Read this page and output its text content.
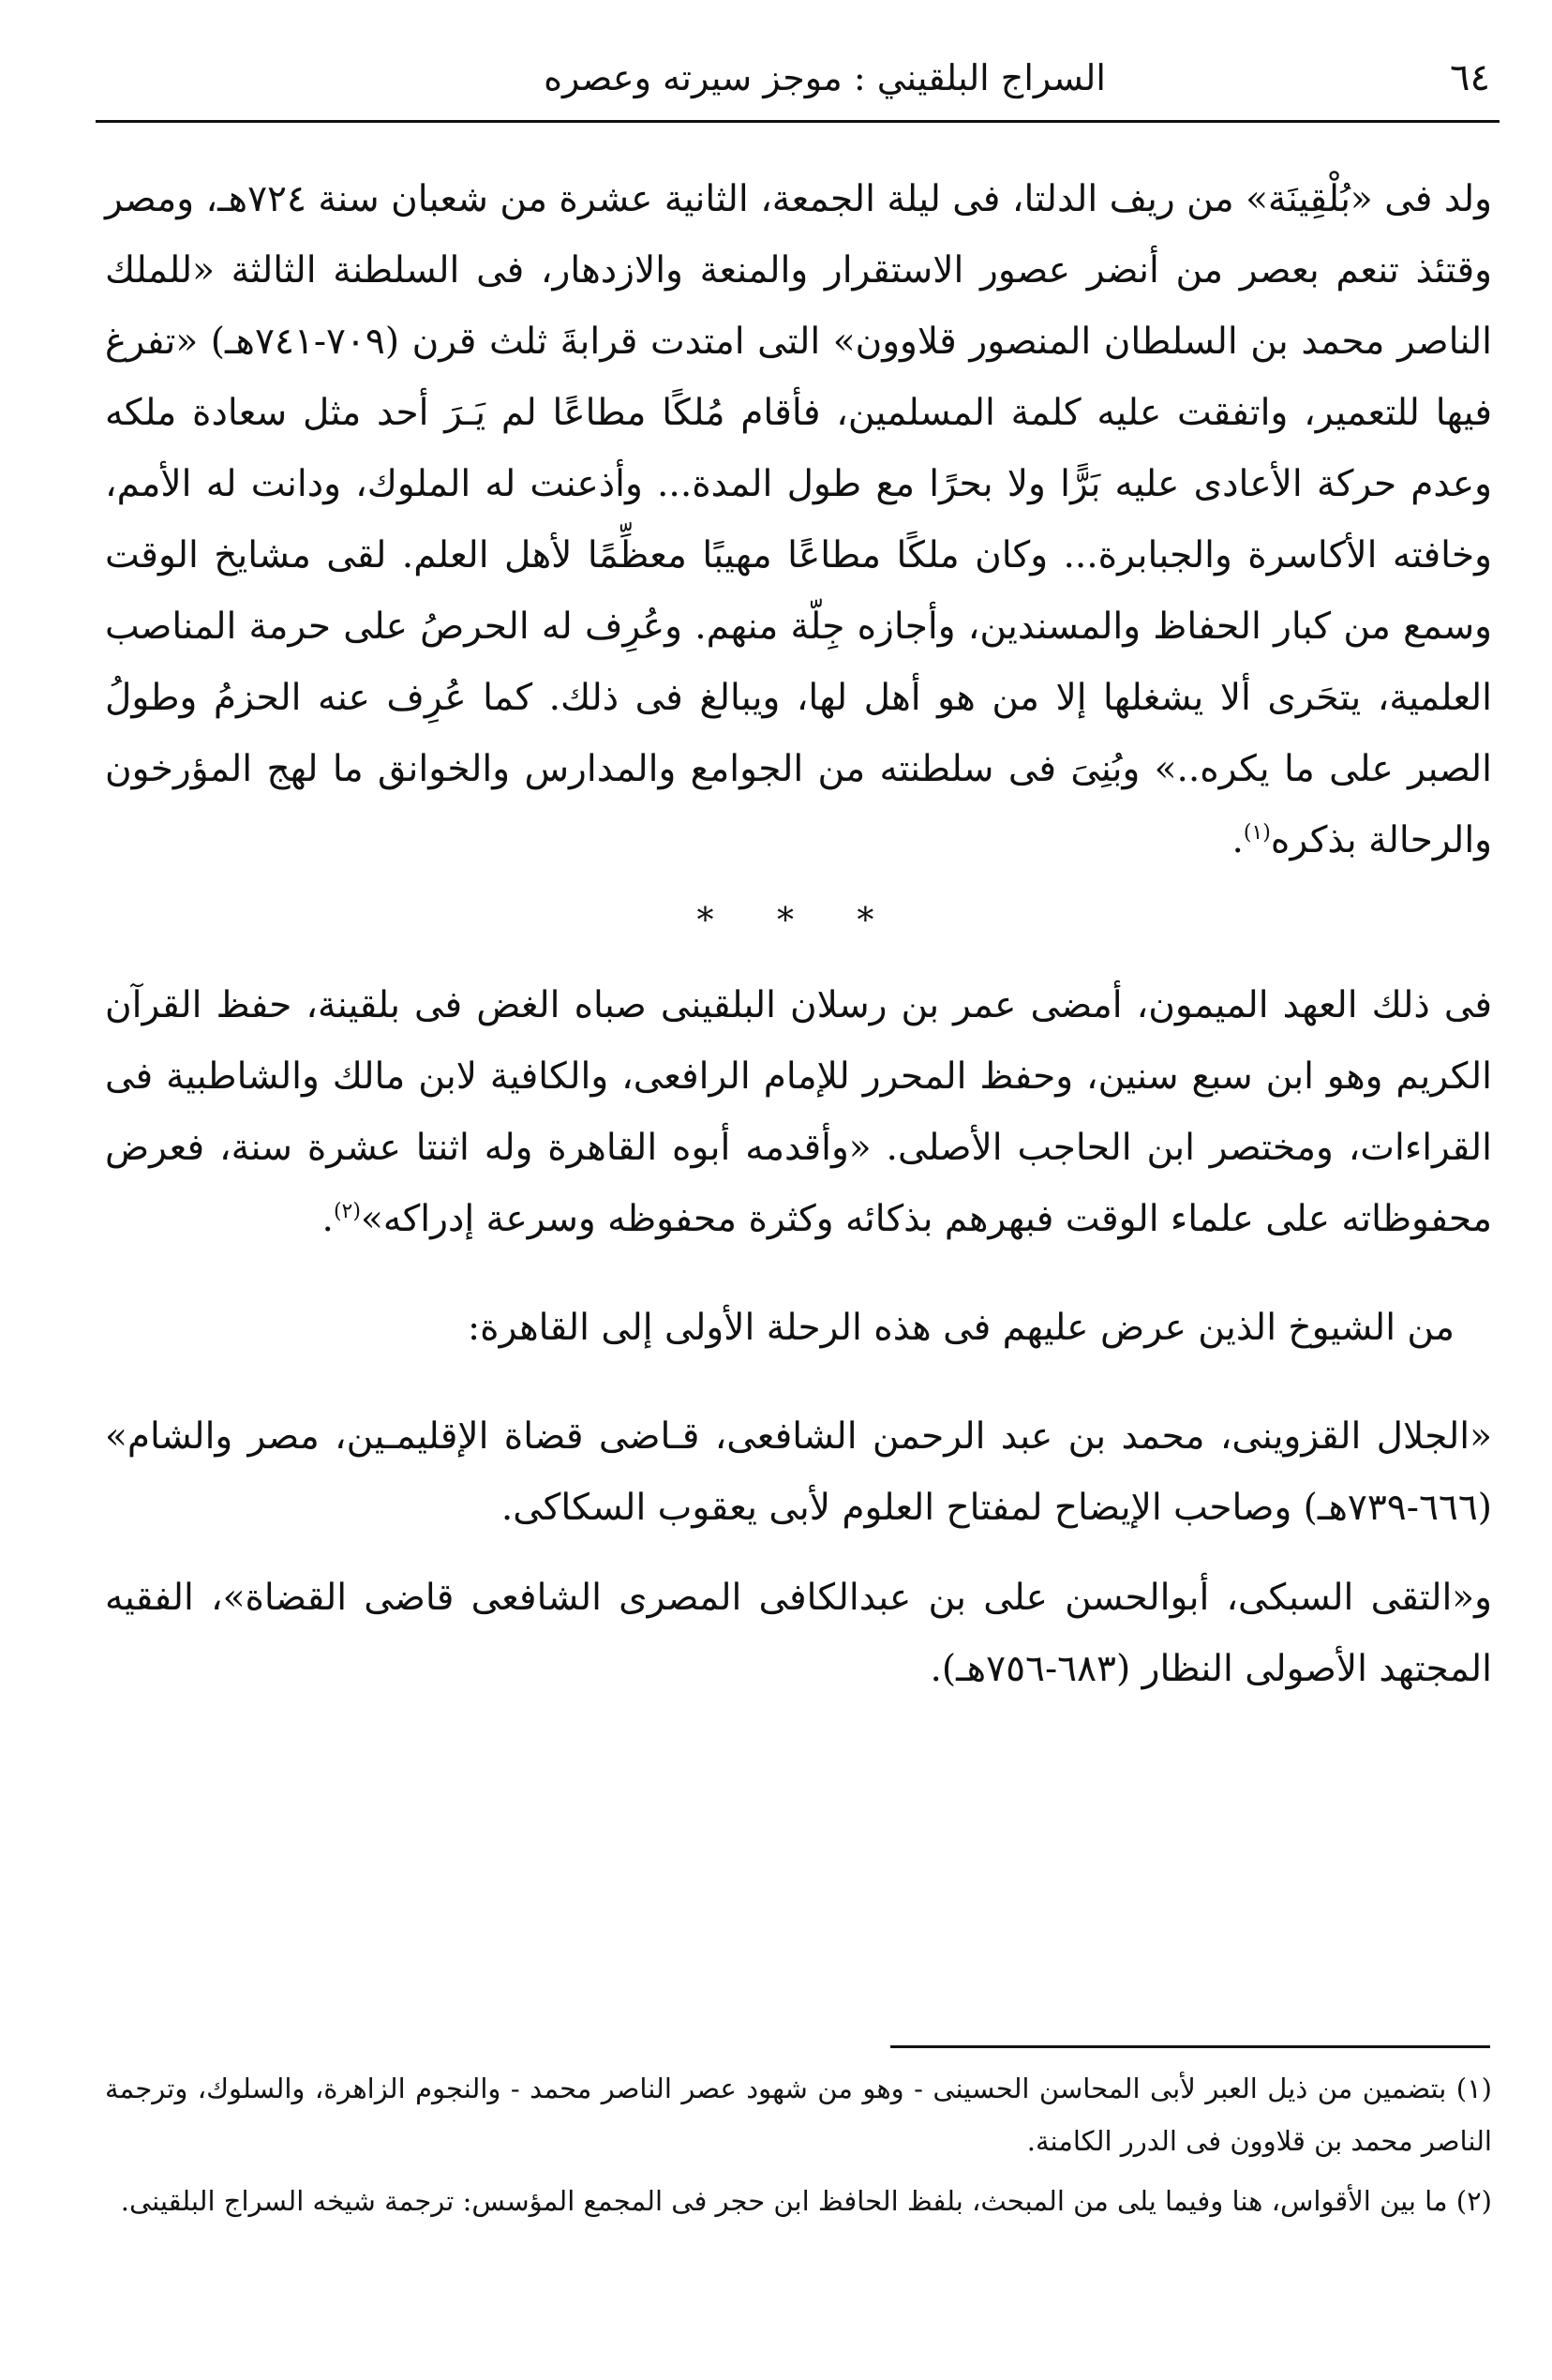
٦٤
السراج البلقيني : موجز سيرته وعصره

ولد فى «بُلْقِينَة» من ريف الدلتا، فى ليلة الجمعة، الثانية عشرة من شعبان سنة ٧٢٤هـ، ومصر وقتئذ تنعم بعصر من أنضر عصور الاستقرار والمنعة والازدهار، فى السلطنة الثالثة «للملك الناصر محمد بن السلطان المنصور قلاوون» التى امتدت قرابةَ ثلث قرن (٧٠٩-٧٤١هـ) «تفرغ فيها للتعمير، واتفقت عليه كلمة المسلمين، فأقام مُلكًا مطاعًا لم يَـرَ أحد مثل سعادة ملكه وعدم حركة الأعادى عليه بَرًّا ولا بحرًا مع طول المدة... وأذعنت له الملوك، ودانت له الأمم، وخافته الأكاسرة والجبابرة... وكان ملكًا مطاعًا مهيبًا معظِّمًا لأهل العلم. لقى مشايخ الوقت وسمع من كبار الحفاظ والمسندين، وأجازه جِلّة منهم. وعُرِف له الحرصُ على حرمة المناصب العلمية، يتحَرى ألا يشغلها إلا من هو أهل لها، ويبالغ فى ذلك. كما عُرِف عنه الحزمُ وطولُ الصبر على ما يكره..» وبُنِىَ فى سلطنته من الجوامع والمدارس والخوانق ما لهج المؤرخون والرحالة بذكره$^{(١)}$.

* * *

فى ذلك العهد الميمون، أمضى عمر بن رسلان البلقينى صباه الغض فى بلقينة، حفظ القرآن الكريم وهو ابن سبع سنين، وحفظ المحرر للإمام الرافعى، والكافية لابن مالك والشاطبية فى القراءات، ومختصر ابن الحاجب الأصلى. «وأقدمه أبوه القاهرة وله اثنتا عشرة سنة، فعرض محفوظاته على علماء الوقت فبهرهم بذكائه وكثرة محفوظه وسرعة إدراكه»$^{(٢)}$.

من الشيوخ الذين عرض عليهم فى هذه الرحلة الأولى إلى القاهرة:

«الجلال القزوينى، محمد بن عبد الرحمن الشافعى، قـاضى قضاة الإقليمـين، مصر والشام» (٦٦٦-٧٣٩هـ) وصاحب الإيضاح لمفتاح العلوم لأبى يعقوب السكاكى.

و«التقى السبكى، أبوالحسن على بن عبدالكافى المصرى الشافعى قاضى القضاة»، الفقيه المجتهد الأصولى النظار (٦٨٣-٧٥٦هـ).

(١) بتضمين من ذيل العبر لأبى المحاسن الحسينى - وهو من شهود عصر الناصر محمد - والنجوم الزاهرة، والسلوك، وترجمة الناصر محمد بن قلاوون فى الدرر الكامنة.

(٢) ما بين الأقواس، هنا وفيما يلى من المبحث، بلفظ الحافظ ابن حجر فى المجمع المؤسس: ترجمة شيخه السراج البلقينى.
